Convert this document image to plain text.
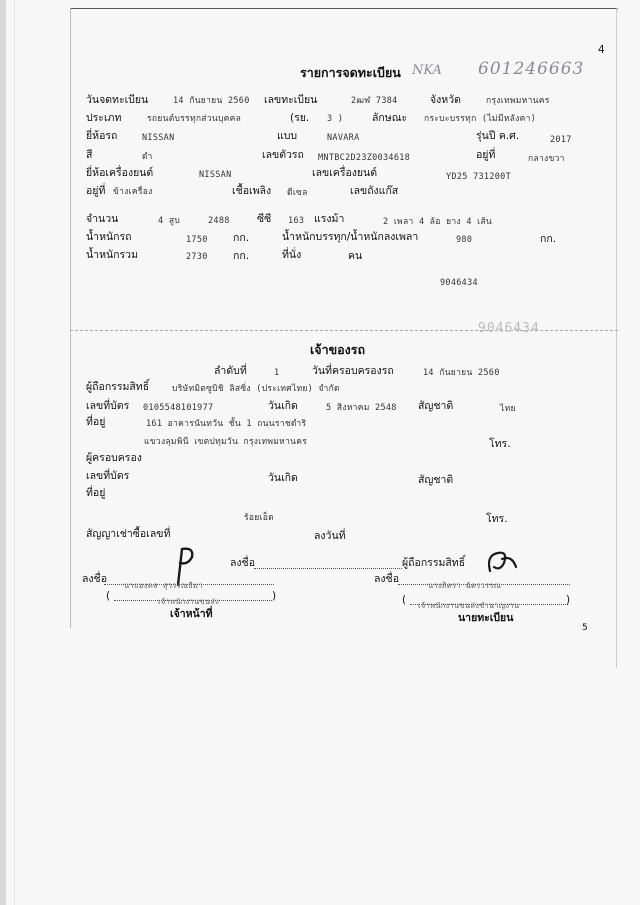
4
รายการจดทะเบียน NKA 601246663
วันจดทะเบียน	14 กันยายน 2560 เลขทะเบียน	2ฒฬ 7384	จังหวัด	กรุงเทพมหานคร
ประเภท	รถยนต์บรรทุกส่วนบุคคล	(รย. 3 )	ลักษณะ กระบะบรรทุก (ไม่มีหลังคา)
ยี่ห้อรถ	NISSAN	แบบ	NAVARA	รุ่นปี ค.ศ.	2017
สี	ดำ	เลขตัวรถ MNTBC2D23Z0034618	อยู่ที่	กลางขวา
ยี่ห้อเครื่องยนต์	NISSAN	เลขเครื่องยนต์	YD25 731200T
อยู่ที่ ข้างเครื่อง	เชื้อเพลิง ดีเซล	เลขถังแก๊ส
จำนวน	4 สูบ	2488	ซีซี 163 แรงม้า	2 เพลา 4 ล้อ ยาง 4 เส้น
น้ำหนักรถ	1750 กก.	น้ำหนักบรรทุก/น้ำหนักลงเพลา	980	กก.
น้ำหนักรวม	2730 กก.	ที่นั่ง	คน
9046434
9046434
เจ้าของรถ
ลำดับที่	1	วันที่ครอบครองรถ	14 กันยายน 2560
ผู้ถือกรรมสิทธิ์	บริษัทมิตซูบิชิ ลิสซิ่ง (ประเทศไทย) จำกัด
เลขที่บัตร 0105548101977	วันเกิด	5 สิงหาคม 2548 สัญชาติ	ไทย
ที่อยู่	161 อาคารนันทวัน ชั้น 1 ถนนราชดำริ
แขวงลุมพินี เขตปทุมวัน กรุงเทพมหานคร	โทร.
ผู้ครอบครอง
เลขที่บัตร	วันเกิด	สัญชาติ
ที่อยู่
ร้อยเอ็ด	โทร.
สัญญาเช่าซื้อเลขที่	ลงวันที่
ลงชื่อ	ผู้ถือกรรมสิทธิ์
ลงชื่อ
นายมงคล สุวรรณธีมา
(	)
เจ้าพนักงานขนส่ง
เจ้าหน้าที่
ลงชื่อ
นางสิตรา ฉัตรวรรณ
(	)
เจ้าพนักงานขนส่งชำนาญงาน
นายทะเบียน
5
